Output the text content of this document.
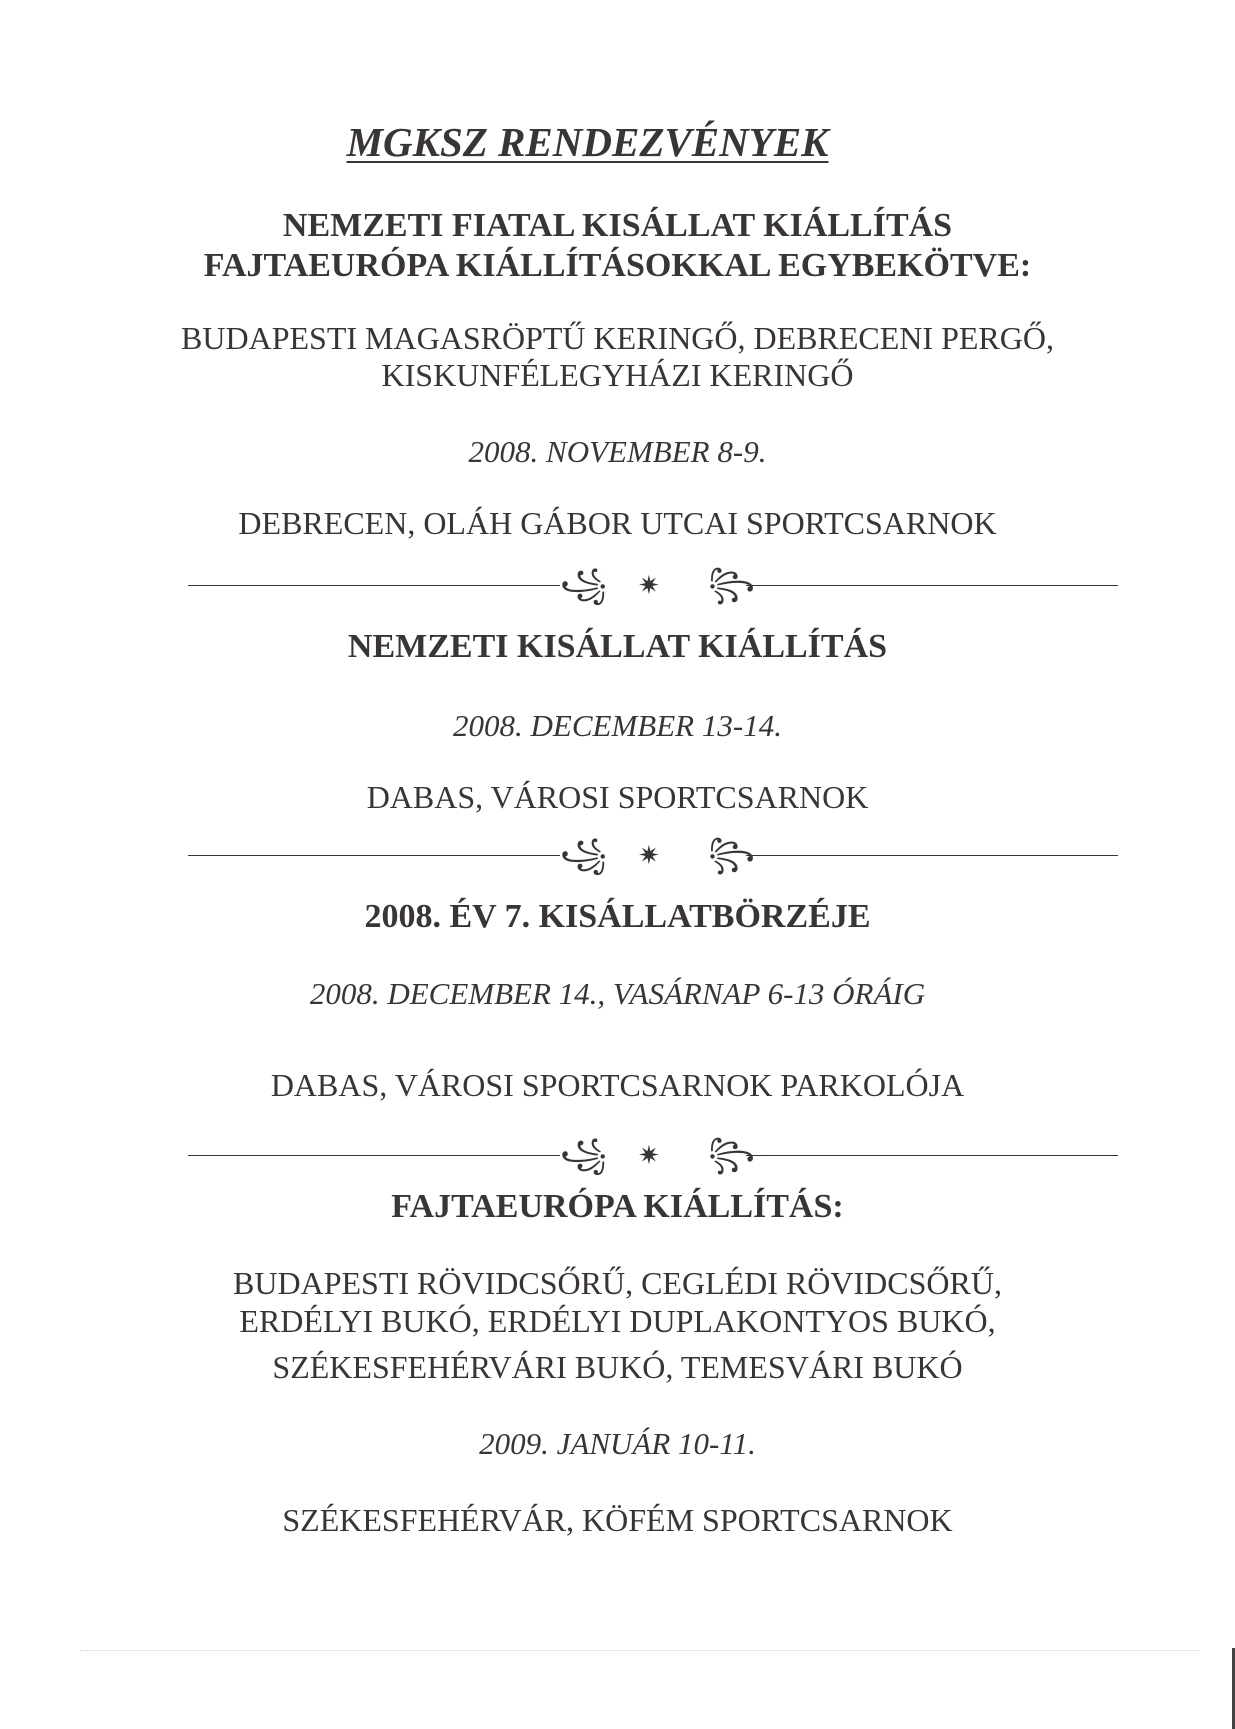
MGKSZ RENDEZVÉNYEK
NEMZETI FIATAL KISÁLLAT KIÁLLÍTÁS
FAJTAEURÓPA KIÁLLÍTÁSOKKAL EGYBEKÖTVE:
BUDAPESTI MAGASRÖPTŰ KERINGŐ, DEBRECENI PERGŐ,
KISKUNFÉLEGYHÁZI KERINGŐ
2008. NOVEMBER 8-9.
DEBRECEN, OLÁH GÁBOR UTCAI SPORTCSARNOK
꧁ ✷ ꧂
NEMZETI KISÁLLAT KIÁLLÍTÁS
2008. DECEMBER 13-14.
DABAS, VÁROSI SPORTCSARNOK
꧁ ✷ ꧂
2008. ÉV 7. KISÁLLATBÖRZÉJE
2008. DECEMBER 14., VASÁRNAP 6-13 ÓRÁIG
DABAS, VÁROSI SPORTCSARNOK PARKOLÓJA
꧁ ✷ ꧂
FAJTAEURÓPA KIÁLLÍTÁS:
BUDAPESTI RÖVIDCSŐRŰ, CEGLÉDI RÖVIDCSŐRŰ,
ERDÉLYI BUKÓ, ERDÉLYI DUPLAKONTYOS BUKÓ,
SZÉKESFEHÉRVÁRI BUKÓ, TEMESVÁRI BUKÓ
2009. JANUÁR 10-11.
SZÉKESFEHÉRVÁR, KÖFÉM SPORTCSARNOK
